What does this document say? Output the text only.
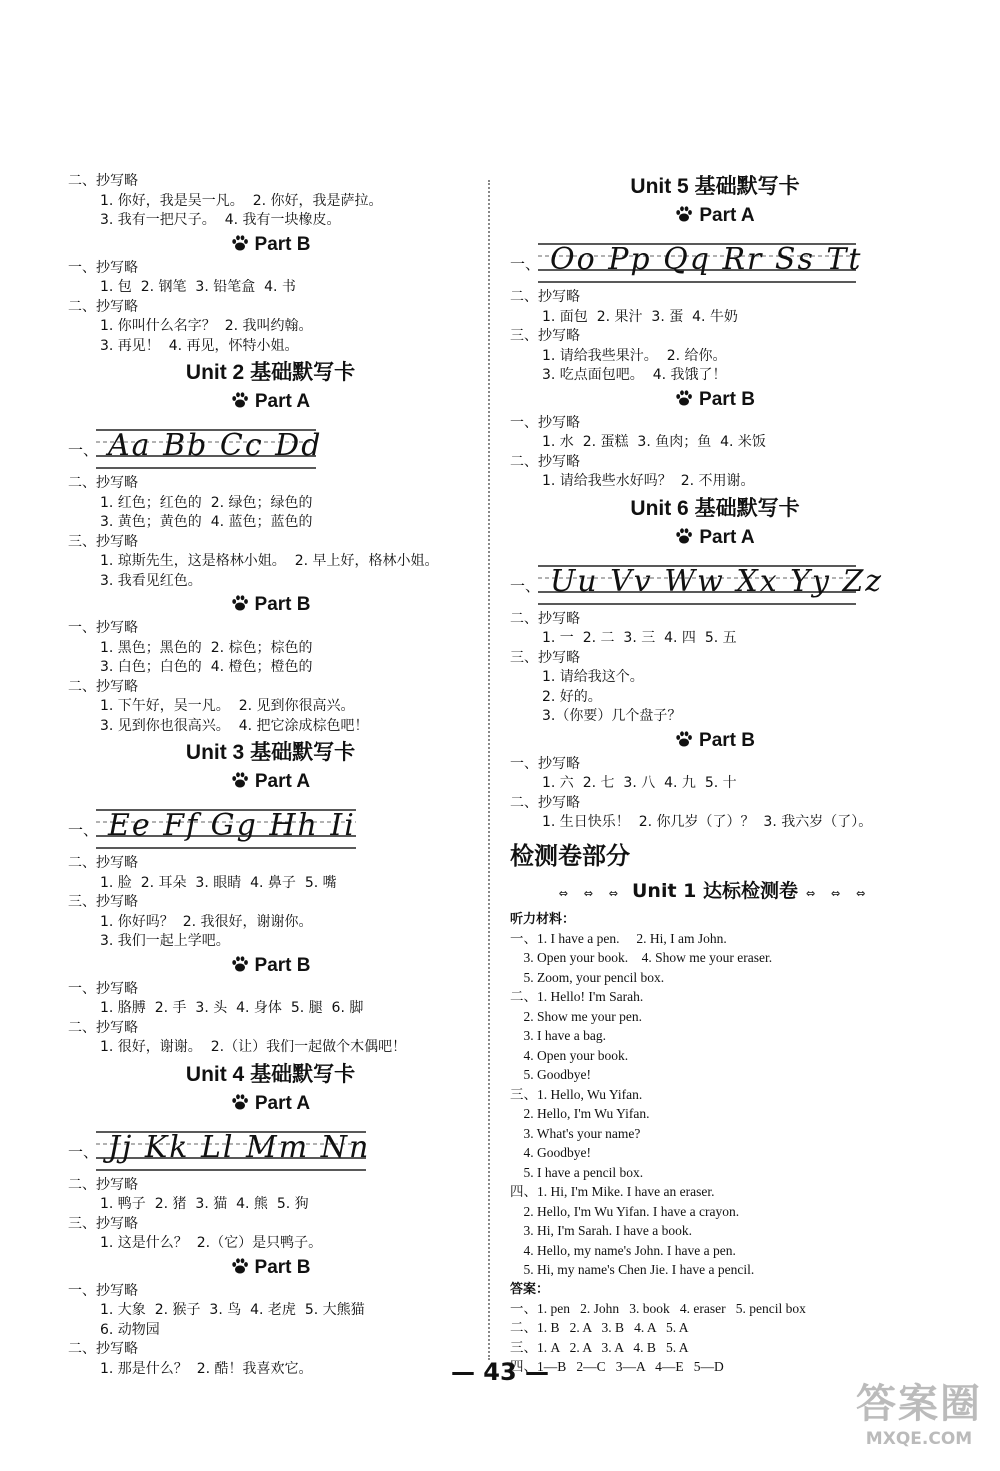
二、抄写略
1. 你好，我是吴一凡。  2. 你好，我是萨拉。
3. 我有一把尺子。  4. 我有一块橡皮。
Part B
一、抄写略
1. 包  2. 钢笔  3. 铅笔盒  4. 书
二、抄写略
1. 你叫什么名字？  2. 我叫约翰。
3. 再见！  4. 再见，怀特小姐。
Unit 2 基础默写卡
Part A
一、 Aa Bb Cc Dd
二、抄写略
1. 红色；红色的  2. 绿色；绿色的
3. 黄色；黄色的  4. 蓝色；蓝色的
三、抄写略
1. 琼斯先生，这是格林小姐。  2. 早上好，格林小姐。
3. 我看见红色。
Part B
一、抄写略
1. 黑色；黑色的  2. 棕色；棕色的
3. 白色；白色的  4. 橙色；橙色的
二、抄写略
1. 下午好，吴一凡。  2. 见到你很高兴。
3. 见到你也很高兴。  4. 把它涂成棕色吧！
Unit 3 基础默写卡
Part A
一、 Ee Ff Gg Hh Ii
二、抄写略
1. 脸  2. 耳朵  3. 眼睛  4. 鼻子  5. 嘴
三、抄写略
1. 你好吗？  2. 我很好，谢谢你。
3. 我们一起上学吧。
Part B
一、抄写略
1. 胳膊  2. 手  3. 头  4. 身体  5. 腿  6. 脚
二、抄写略
1. 很好，谢谢。  2.（让）我们一起做个木偶吧！
Unit 4 基础默写卡
Part A
一、 Jj Kk Ll Mm Nn
二、抄写略
1. 鸭子  2. 猪  3. 猫  4. 熊  5. 狗
三、抄写略
1. 这是什么？  2.（它）是只鸭子。
Part B
一、抄写略
1. 大象  2. 猴子  3. 鸟  4. 老虎  5. 大熊猫
6. 动物园
二、抄写略
1. 那是什么？  2. 酷！我喜欢它。
Unit 5 基础默写卡
Part A
一、 Oo Pp Qq Rr Ss Tt
二、抄写略
1. 面包  2. 果汁  3. 蛋  4. 牛奶
三、抄写略
1. 请给我些果汁。  2. 给你。
3. 吃点面包吧。  4. 我饿了！
Part B
一、抄写略
1. 水  2. 蛋糕  3. 鱼肉；鱼  4. 米饭
二、抄写略
1. 请给我些水好吗？  2. 不用谢。
Unit 6 基础默写卡
Part A
一、 Uu Vv Ww Xx Yy Zz
二、抄写略
1. 一  2. 二  3. 三  4. 四  5. 五
三、抄写略
1. 请给我这个。
2. 好的。
3.（你要）几个盘子？
Part B
一、抄写略
1. 六  2. 七  3. 八  4. 九  5. 十
二、抄写略
1. 生日快乐！  2. 你几岁（了）？  3. 我六岁（了）。
检测卷部分
⇔ ⇔ ⇔ Unit 1 达标检测卷 ⇔ ⇔ ⇔
听力材料：
一、1. I have a pen.     2. Hi, I am John.
3. Open your book.    4. Show me your eraser.
5. Zoom, your pencil box.
二、1. Hello! I'm Sarah.
2. Show me your pen.
3. I have a bag.
4. Open your book.
5. Goodbye!
三、1. Hello, Wu Yifan.
2. Hello, I'm Wu Yifan.
3. What's your name?
4. Goodbye!
5. I have a pencil box.
四、1. Hi, I'm Mike. I have an eraser.
2. Hello, I'm Wu Yifan. I have a crayon.
3. Hi, I'm Sarah. I have a book.
4. Hello, my name's John. I have a pen.
5. Hi, my name's Chen Jie. I have a pencil.
答案：
一、1. pen   2. John   3. book   4. eraser   5. pencil box
二、1. B   2. A   3. B   4. A   5. A
三、1. A   2. A   3. A   4. B   5. A
四、1—B   2—C   3—A   4—E   5—D
— 43 —
答案圈
MXQE.COM
